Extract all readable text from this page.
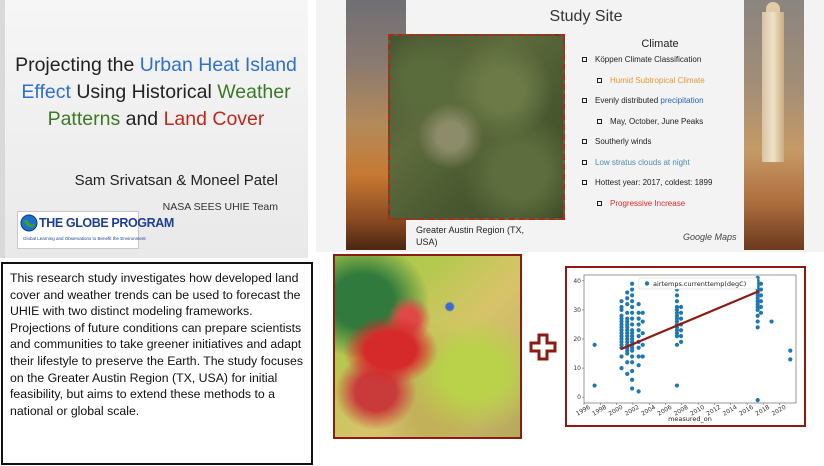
Projecting the Urban Heat Island
Effect Using Historical Weather
Patterns and Land Cover
Sam Srivatsan & Moneel Patel
NASA SEES UHIE Team
THE GLOBE PROGRAM
Global Learning and Observations to Benefit the Environment
Study Site
Greater Austin Region (TX, USA)
Climate
Köppen Climate Classification
Humid Subtropical Climate
Evenly distributed precipitation
May, October, June Peaks
Southerly winds
Low stratus clouds at night
Hottest year: 2017, coldest: 1899
Progressive Increase
Google Maps
This research study investigates how developed land cover and weather trends can be used to forecast the UHIE with two distinct modeling frameworks. Projections of future conditions can prepare scientists and communities to take greener initiatives and adapt their lifestyle to preserve the Earth. The study focuses on the Greater Austin Region (TX, USA) for initial feasibility, but aims to extend these methods to a national or global scale.
0
10
20
30
40
1996 1998 2000 2002 2004 2006 2008 2010 2012 2014 2016 2018 2020
airtemps.currenttemp(degC)
measured_on
